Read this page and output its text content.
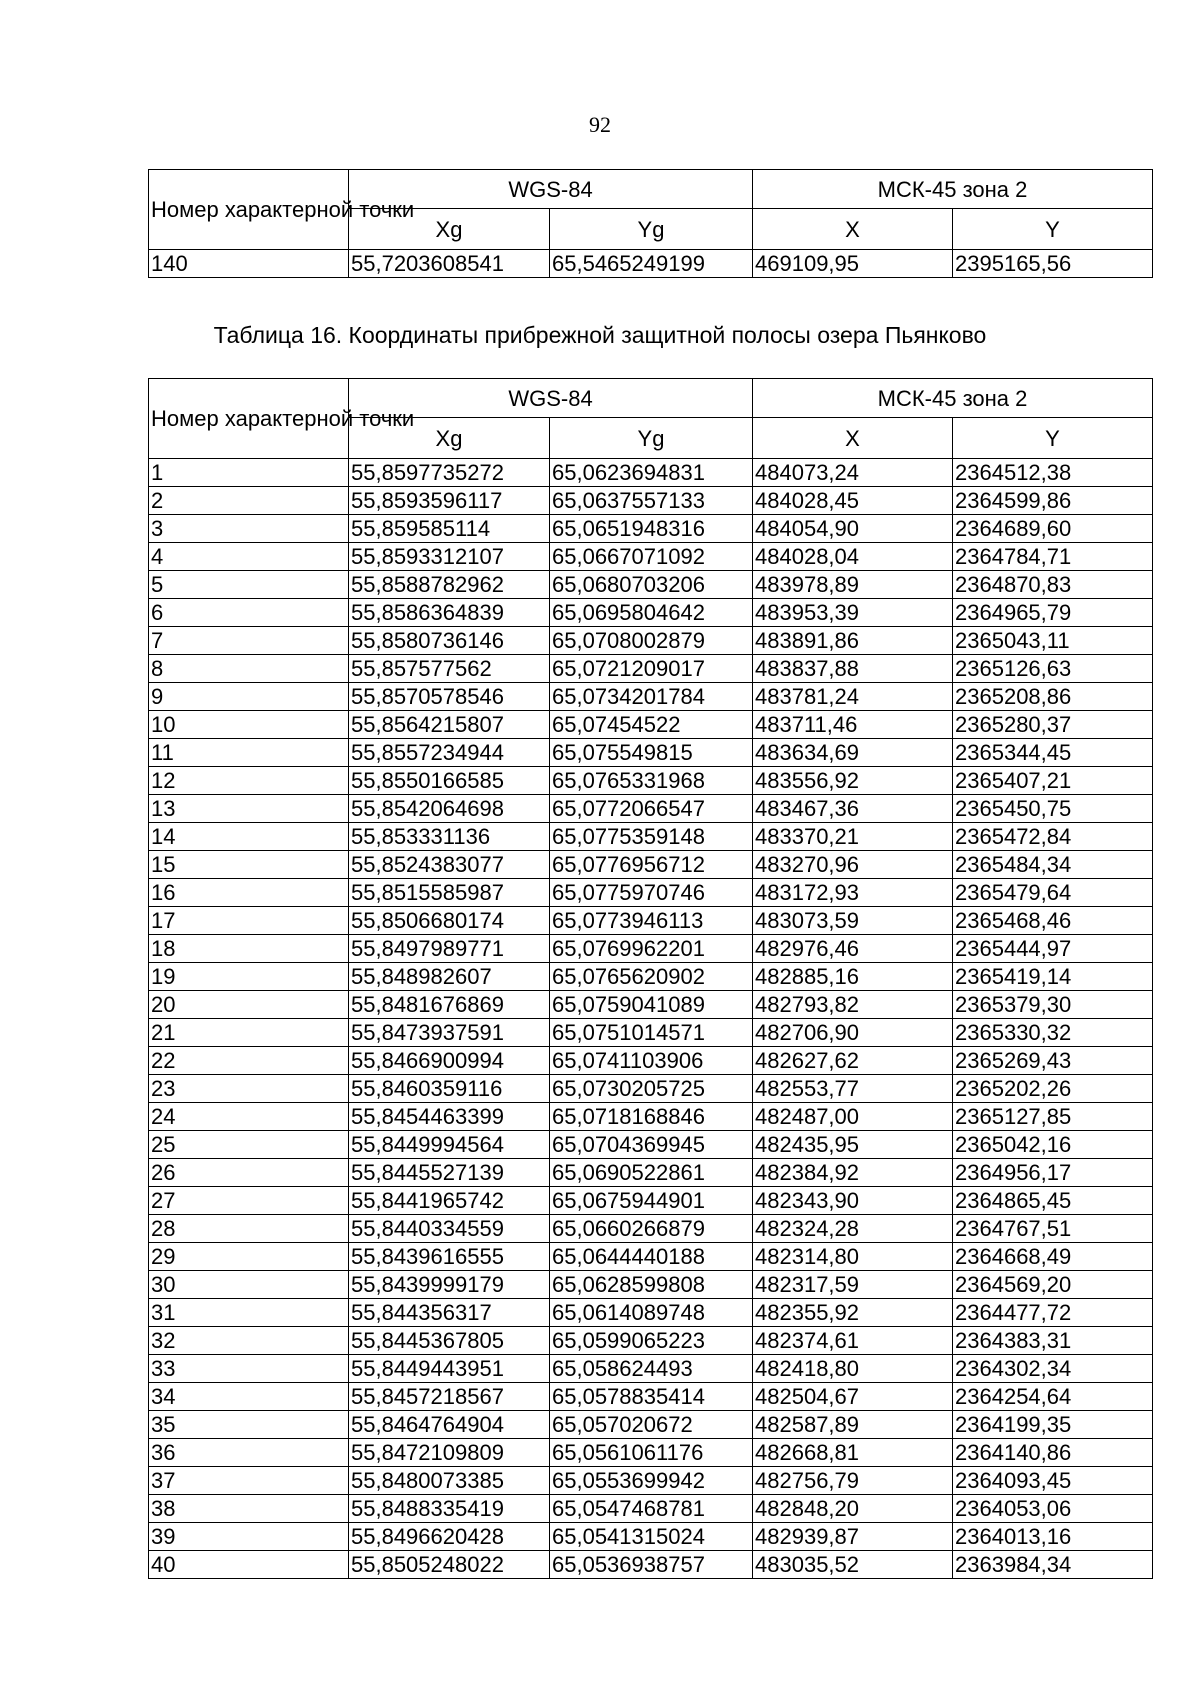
92
Номер характерной точки	WGS-84		МСК-45 зона 2	
	Xg	Yg	X	Y
140	55,7203608541	65,5465249199	469109,95	2395165,56
Таблица 16. Координаты прибрежной защитной полосы озера Пьянково
Номер характерной точки	WGS-84		МСК-45 зона 2	
	Xg	Yg	X	Y
1	55,8597735272	65,0623694831	484073,24	2364512,38
2	55,8593596117	65,0637557133	484028,45	2364599,86
3	55,859585114	65,0651948316	484054,90	2364689,60
4	55,8593312107	65,0667071092	484028,04	2364784,71
5	55,8588782962	65,0680703206	483978,89	2364870,83
6	55,8586364839	65,0695804642	483953,39	2364965,79
7	55,8580736146	65,0708002879	483891,86	2365043,11
8	55,857577562	65,0721209017	483837,88	2365126,63
9	55,8570578546	65,0734201784	483781,24	2365208,86
10	55,8564215807	65,07454522	483711,46	2365280,37
11	55,8557234944	65,075549815	483634,69	2365344,45
12	55,8550166585	65,0765331968	483556,92	2365407,21
13	55,8542064698	65,0772066547	483467,36	2365450,75
14	55,853331136	65,0775359148	483370,21	2365472,84
15	55,8524383077	65,0776956712	483270,96	2365484,34
16	55,8515585987	65,0775970746	483172,93	2365479,64
17	55,8506680174	65,0773946113	483073,59	2365468,46
18	55,8497989771	65,0769962201	482976,46	2365444,97
19	55,848982607	65,0765620902	482885,16	2365419,14
20	55,8481676869	65,0759041089	482793,82	2365379,30
21	55,8473937591	65,0751014571	482706,90	2365330,32
22	55,8466900994	65,0741103906	482627,62	2365269,43
23	55,8460359116	65,0730205725	482553,77	2365202,26
24	55,8454463399	65,0718168846	482487,00	2365127,85
25	55,8449994564	65,0704369945	482435,95	2365042,16
26	55,8445527139	65,0690522861	482384,92	2364956,17
27	55,8441965742	65,0675944901	482343,90	2364865,45
28	55,8440334559	65,0660266879	482324,28	2364767,51
29	55,8439616555	65,0644440188	482314,80	2364668,49
30	55,8439999179	65,0628599808	482317,59	2364569,20
31	55,844356317	65,0614089748	482355,92	2364477,72
32	55,8445367805	65,0599065223	482374,61	2364383,31
33	55,8449443951	65,058624493	482418,80	2364302,34
34	55,8457218567	65,0578835414	482504,67	2364254,64
35	55,8464764904	65,057020672	482587,89	2364199,35
36	55,8472109809	65,0561061176	482668,81	2364140,86
37	55,8480073385	65,0553699942	482756,79	2364093,45
38	55,8488335419	65,0547468781	482848,20	2364053,06
39	55,8496620428	65,0541315024	482939,87	2364013,16
40	55,8505248022	65,0536938757	483035,52	2363984,34
